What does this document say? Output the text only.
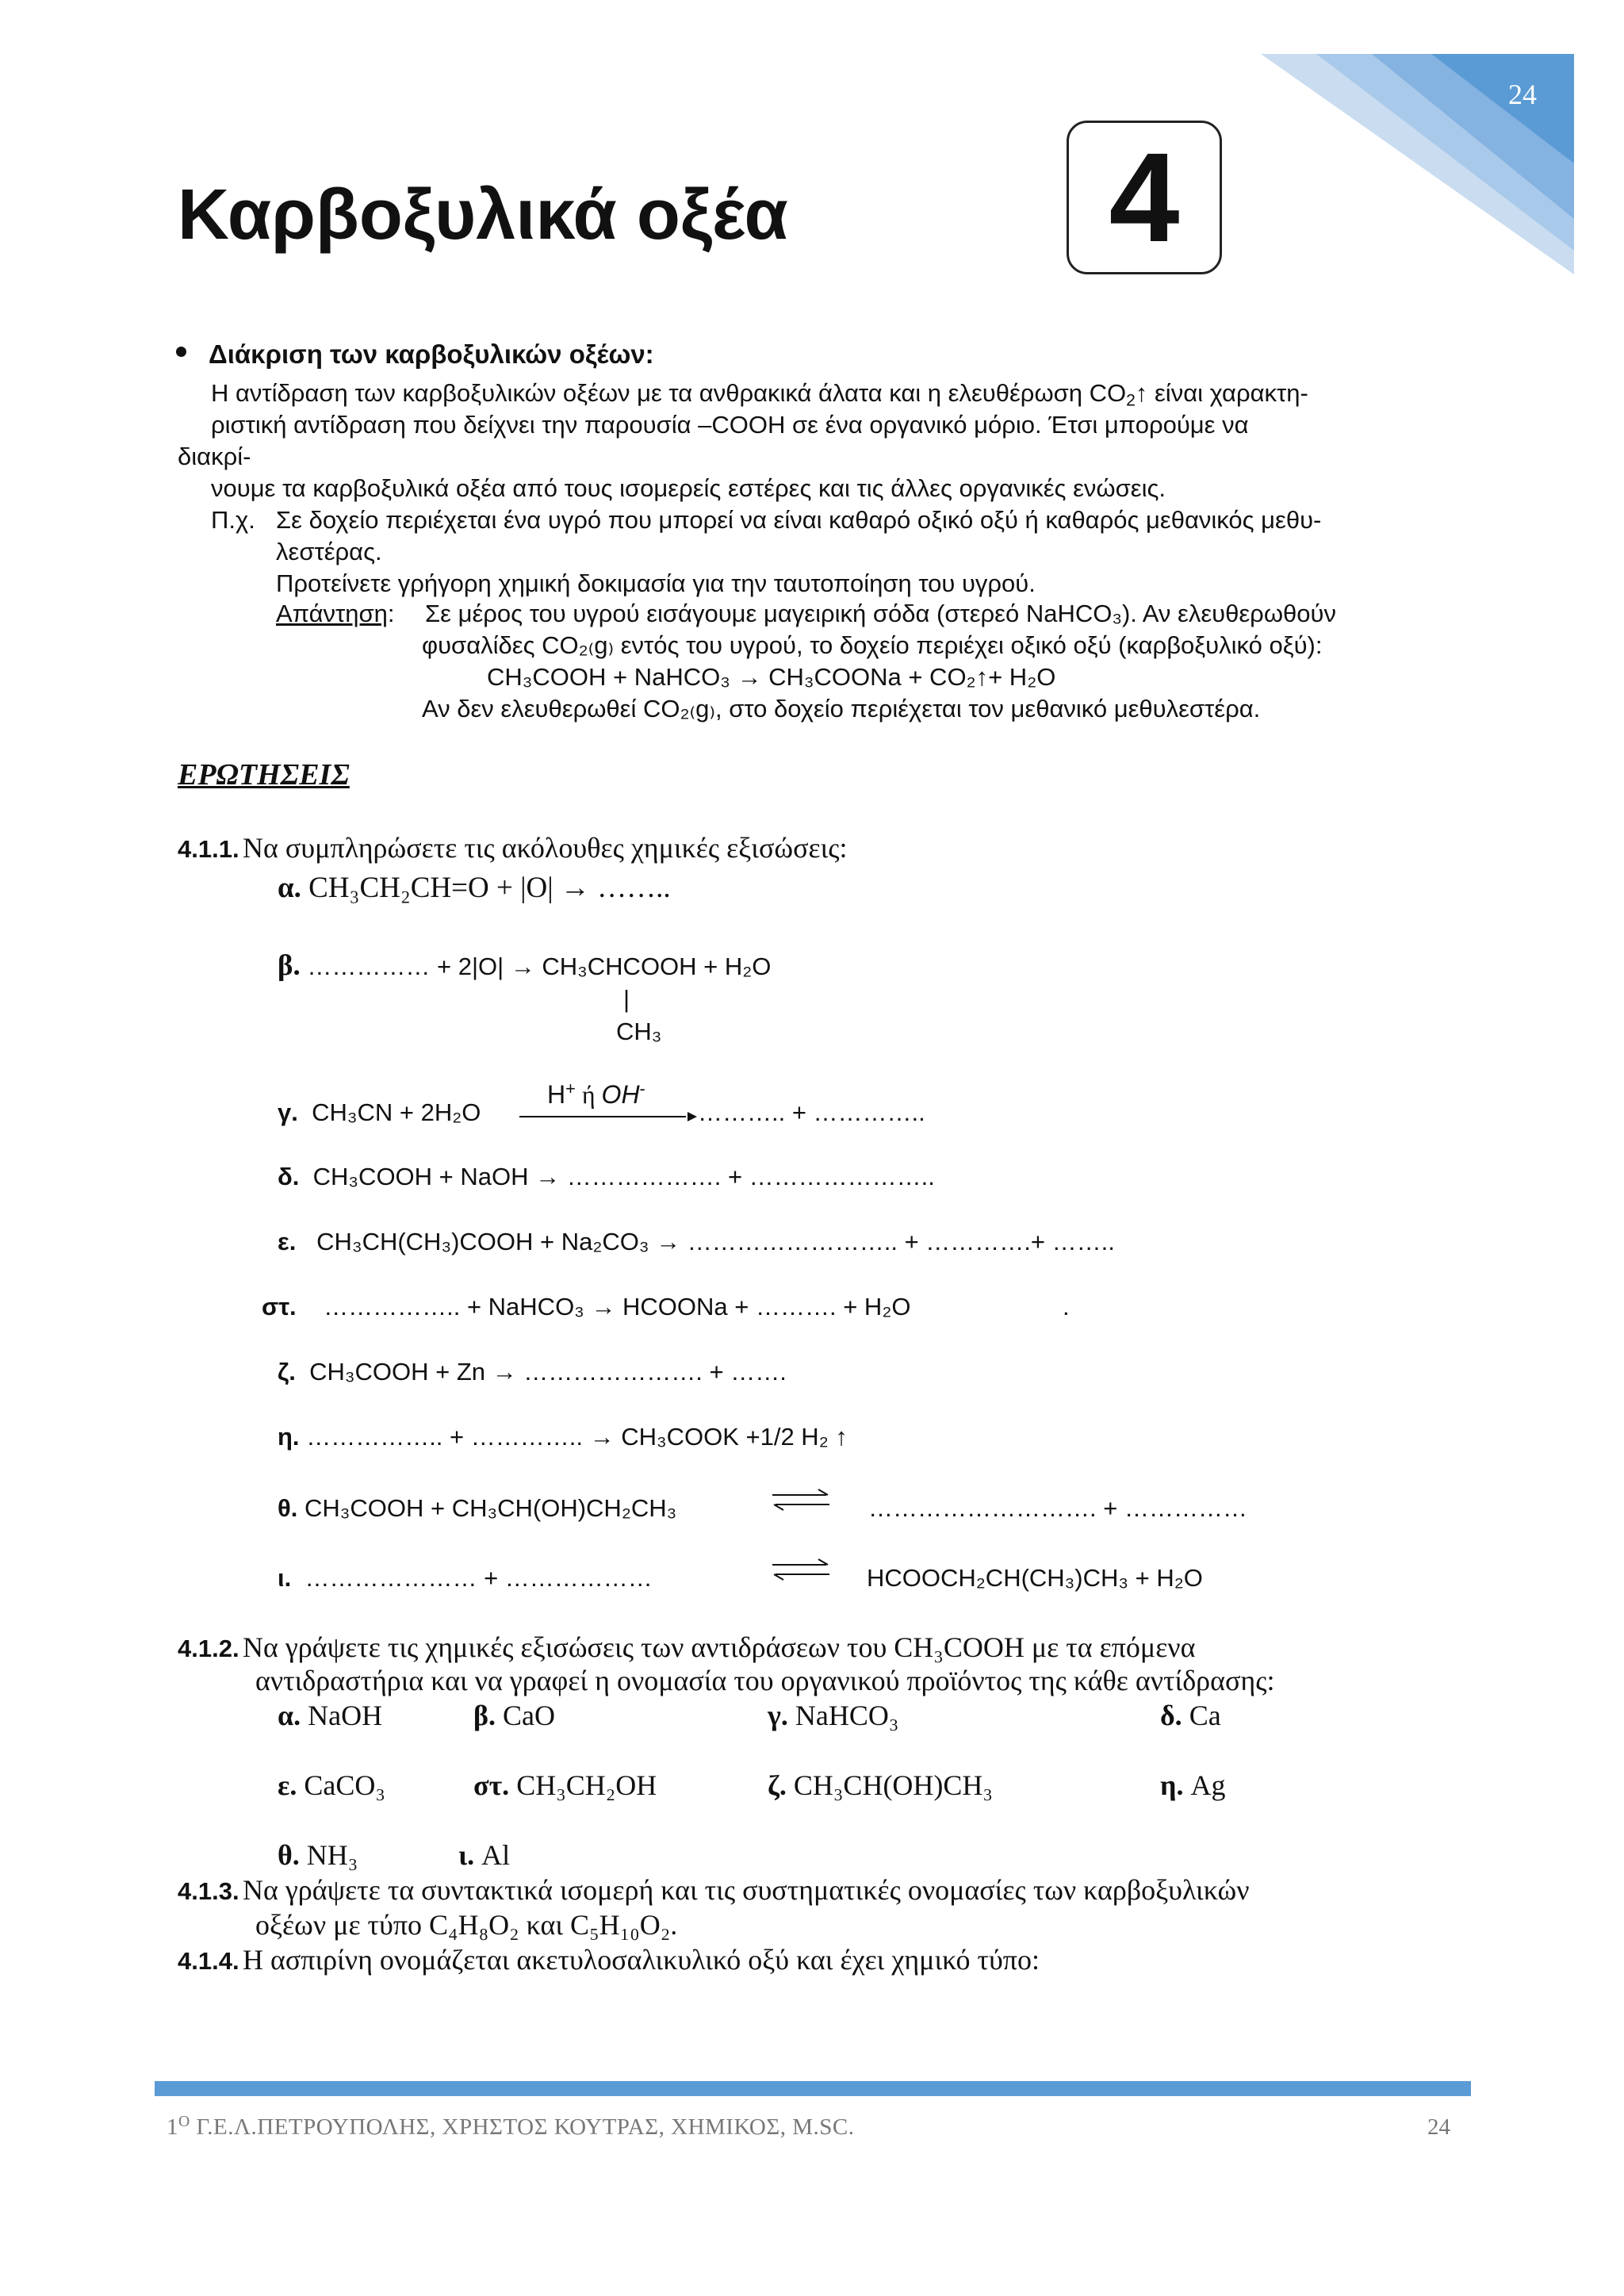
24
Καρβοξυλικά οξέα	4
Διάκριση των καρβοξυλικών οξέων:
Η αντίδραση των καρβοξυλικών οξέων με τα ανθρακικά άλατα και η ελευθέρωση $CO_2↑$ είναι χαρακτη-
ριστική αντίδραση που δείχνει την παρουσία –COOH σε ένα οργανικό μόριο. Έτσι μπορούμε να
διακρί-
νουμε τα καρβοξυλικά οξέα από τους ισομερείς εστέρες και τις άλλες οργανικές ενώσεις.
Π.χ. Σε δοχείο περιέχεται ένα υγρό που μπορεί να είναι καθαρό οξικό οξύ ή καθαρός μεθανικός μεθυ-
λεστέρας.
Προτείνετε γρήγορη χημική δοκιμασία για την ταυτοποίηση του υγρού.
Απάντηση: Σε μέρος του υγρού εισάγουμε μαγειρική σόδα (στερεό ΝaHCO₃). Αν ελευθερωθούν
φυσαλίδες CO₂₍g₎ εντός του υγρού, το δοχείο περιέχει οξικό οξύ (καρβοξυλικό οξύ):
CH₃COOH + NaHCO₃ → CH₃COONa + CO₂↑+ H₂O
Αν δεν ελευθερωθεί CO₂₍g₎, στο δοχείο περιέχεται τον μεθανικό μεθυλεστέρα.
ΕΡΩΤΗΣΕΙΣ
4.1.1. Να συμπληρώσετε τις ακόλουθες χημικές εξισώσεις:
α. CH₃CH₂CH=O + |O| → ……..
β. …………… + 2|O| → CH₃CHCOOH + H₂O
|
CH₃
γ. CH₃CN + 2H₂O
H+ ή OH-
……….. + …………..
δ. CH₃COOH + NaOH → ………………. + …………………..
ε. CH₃CH(CH₃)COOH + Na₂CO₃ → …………………….. + ………….+ ……..
στ. …………….. + NaHCO₃ → HCOONa + ………. + H₂O	.
ζ. CH₃COOH + Zn → …………………. + …….
η. …………….. + ………….. → CH₃COOK +1/2 H₂ ↑
θ. CH₃COOH + CH₃CH(OH)CH₂CH₃	………………………. + ……………
ι. ………………… + ………………	HCOOCH₂CH(CH₃)CH₃ + H₂O
4.1.2. Να γράψετε τις χημικές εξισώσεις των αντιδράσεων του CH₃COOH με τα επόμενα
αντιδραστήρια και να γραφεί η ονομασία του οργανικού προϊόντος της κάθε αντίδρασης:
α. NaOH	β. CaO	γ. NaHCO₃	δ. Ca
ε. CaCO₃	στ. CH₃CH₂OH	ζ. CH₃CH(OH)CH₃	η. Ag
θ. NH₃	ι. Al
4.1.3. Να γράψετε τα συντακτικά ισομερή και τις συστηματικές ονομασίες των καρβοξυλικών
οξέων με τύπο C₄H₈O₂ και C₅H₁₀O₂.
4.1.4. Η ασπιρίνη ονομάζεται ακετυλοσαλικυλικό οξύ και έχει χημικό τύπο:
$1^O$ Γ.Ε.Λ.ΠΕΤΡΟΥΠΟΛΗΣ, ΧΡΗΣΤΟΣ ΚΟΥΤΡΑΣ, ΧΗΜΙΚΟΣ, M.SC.	24
